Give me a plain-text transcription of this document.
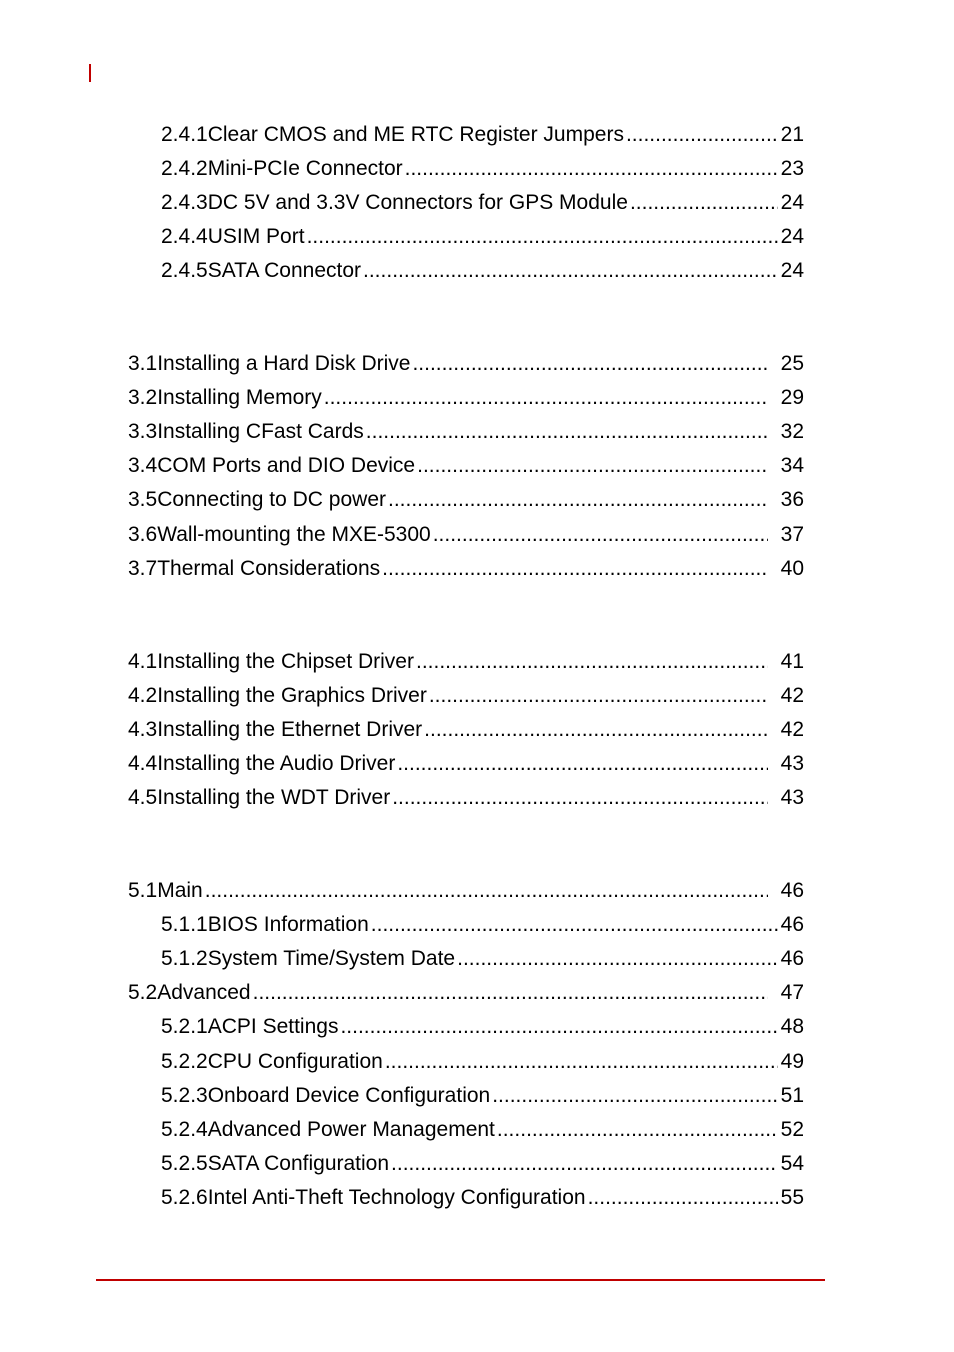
2.4.1 Clear CMOS and ME RTC Register Jumpers .....	21
2.4.2 Mini-PCIe Connector .....	23
2.4.3 DC 5V and 3.3V Connectors for GPS Module .....	24
2.4.4 USIM Port .....	24
2.4.5 SATA Connector .....	24
3.1 Installing a Hard Disk Drive .....	25
3.2 Installing Memory .....	29
3.3 Installing CFast Cards .....	32
3.4 COM Ports and DIO Device .....	34
3.5 Connecting to DC power .....	36
3.6 Wall-mounting the MXE-5300 .....	37
3.7 Thermal Considerations .....	40
4.1 Installing the Chipset Driver .....	41
4.2 Installing the Graphics Driver .....	42
4.3 Installing the Ethernet Driver .....	42
4.4 Installing the Audio Driver .....	43
4.5 Installing the WDT Driver .....	43
5.1 Main .....	46
5.1.1 BIOS Information .....	46
5.1.2 System Time/System Date .....	46
5.2 Advanced .....	47
5.2.1 ACPI Settings .....	48
5.2.2 CPU Configuration .....	49
5.2.3 Onboard Device Configuration .....	51
5.2.4 Advanced Power Management .....	52
5.2.5 SATA Configuration .....	54
5.2.6 Intel Anti-Theft Technology Configuration .....	55
